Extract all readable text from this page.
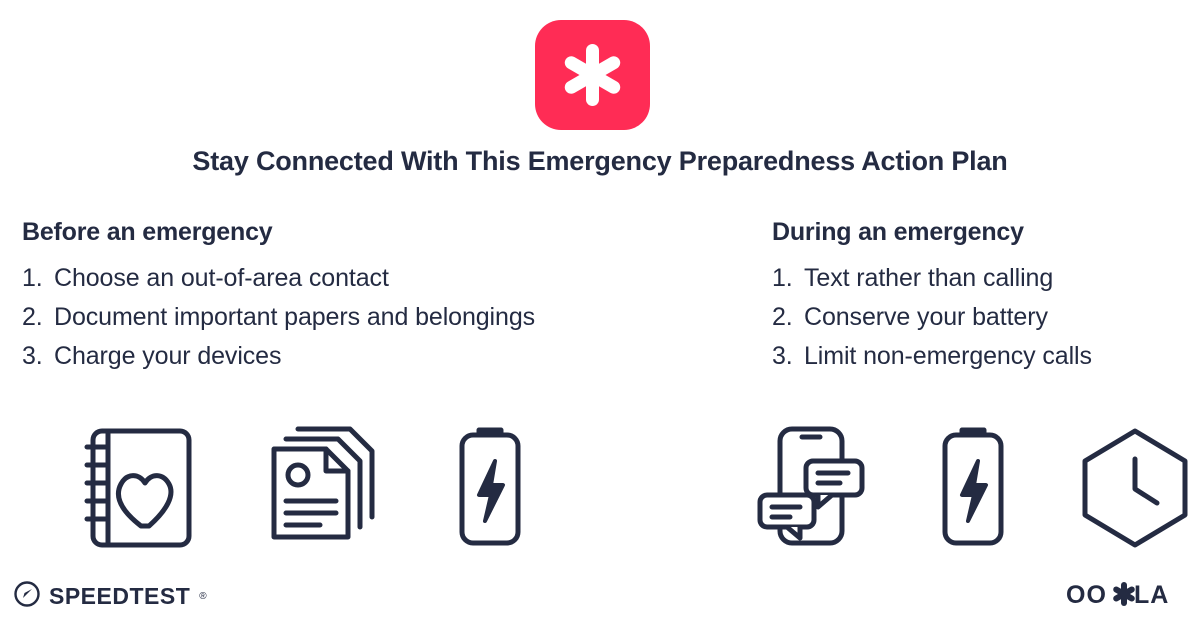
Stay Connected With This Emergency Preparedness Action Plan
Before an emergency
1. Choose an out-of-area contact
2. Document important papers and belongings
3. Charge your devices
During an emergency
1. Text rather than calling
2. Conserve your battery
3. Limit non-emergency calls
SPEEDTEST ®	OO LA
